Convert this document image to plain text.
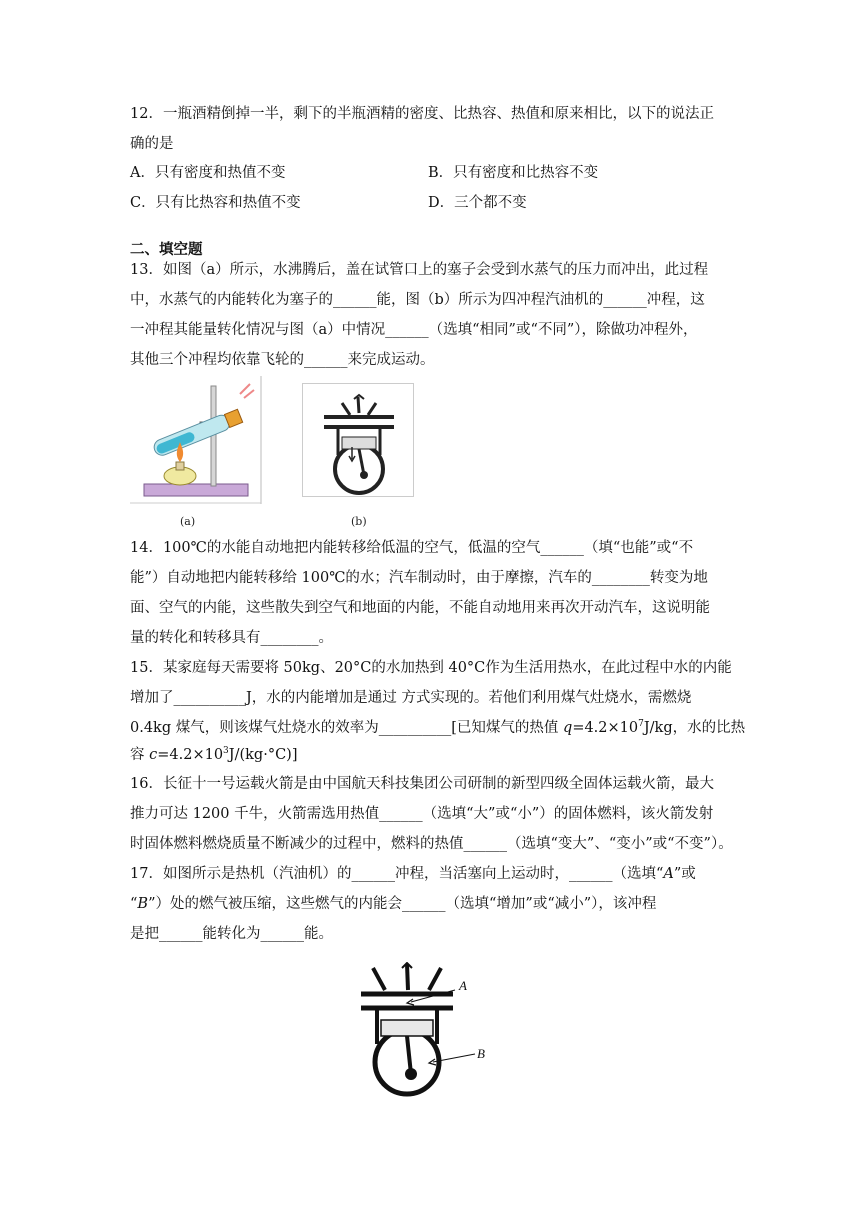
12．一瓶酒精倒掉一半，剩下的半瓶酒精的密度、比热容、热值和原来相比，以下的说法正
确的是
A．只有密度和热值不变	B．只有密度和比热容不变
C．只有比热容和热值不变	D．三个都不变
二、填空题
13．如图（a）所示，水沸腾后，盖在试管口上的塞子会受到水蒸气的压力而冲出，此过程
中，水蒸气的内能转化为塞子的______能，图（b）所示为四冲程汽油机的______冲程，这
一冲程其能量转化情况与图（a）中情况______（选填“相同”或“不同”），除做功冲程外，
其他三个冲程均依靠飞轮的______来完成运动。
(a)	(b)
14．100℃的水能自动地把内能转移给低温的空气，低温的空气______（填“也能”或“不
能”）自动地把内能转移给 100℃的水；汽车制动时，由于摩擦，汽车的________转变为地
面、空气的内能，这些散失到空气和地面的内能，不能自动地用来再次开动汽车，这说明能
量的转化和转移具有________。
15．某家庭每天需要将 50kg、20°C的水加热到 40°C作为生活用热水，在此过程中水的内能
增加了__________J，水的内能增加是通过 方式实现的。若他们利用煤气灶烧水，需燃烧
0.4kg 煤气，则该煤气灶烧水的效率为__________[已知煤气的热值 $q=4.2\times 10^7J/kg$，水的比热
容 $c=4.2\times 10^3J/(kg\cdot^\circ C)$]
16．长征十一号运载火箭是由中国航天科技集团公司研制的新型四级全固体运载火箭，最大
推力可达 1200 千牛，火箭需选用热值______（选填“大”或“小”）的固体燃料，该火箭发射
时固体燃料燃烧质量不断减少的过程中，燃料的热值______（选填“变大”、“变小”或“不变”）。
17．如图所示是热机（汽油机）的______冲程，当活塞向上运动时，______（选填“A”或
“B”）处的燃气被压缩，这些燃气的内能会______（选填“增加”或“减小”），该冲程
是把______能转化为______能。
A
B
